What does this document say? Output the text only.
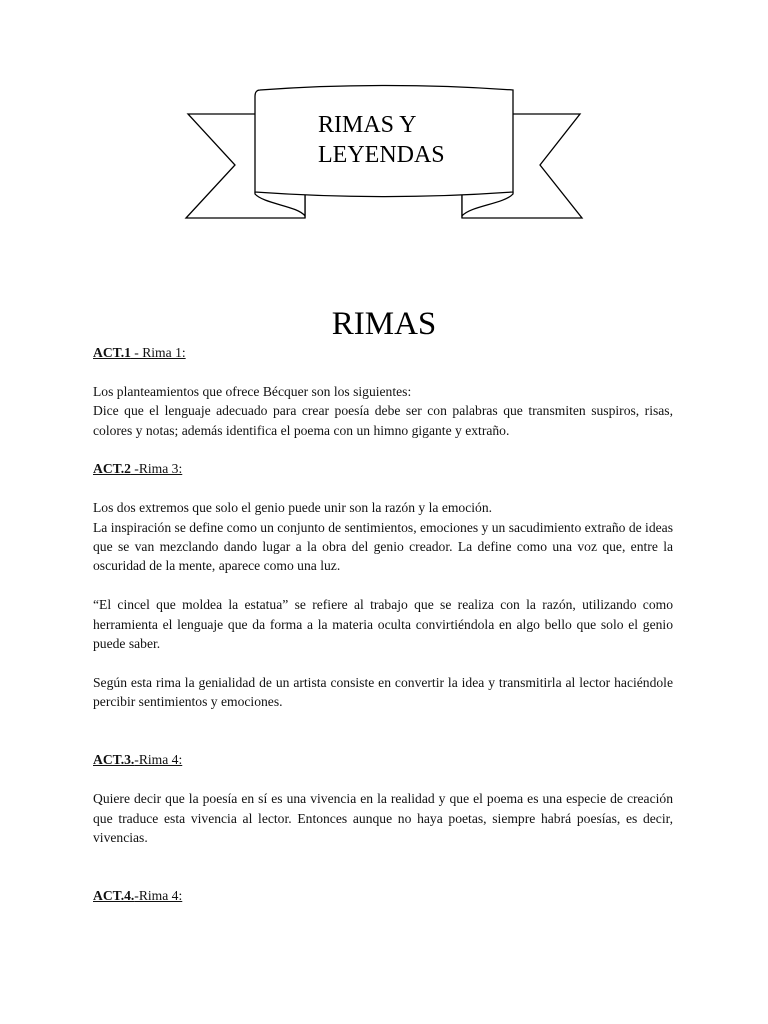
RIMAS Y
LEYENDAS
RIMAS

ACT.1 - Rima 1:

Los planteamientos que ofrece Bécquer son los siguientes:

Dice que el lenguaje adecuado para crear poesía debe ser con palabras que transmiten suspiros, risas, colores y notas; además identifica el poema con un himno gigante y extraño.

ACT.2 -Rima 3:

Los dos extremos que solo el genio puede unir son la razón y la emoción.

La inspiración se define como un conjunto de sentimientos, emociones y un sacudimiento extraño de ideas que se van mezclando dando lugar a la obra del genio creador. La define como una voz que, entre la oscuridad de la mente, aparece como una luz.

“El cincel que moldea la estatua” se refiere al trabajo que se realiza con la razón, utilizando como herramienta el lenguaje que da forma a la materia oculta convirtiéndola en algo bello que solo el genio puede saber.

Según esta rima la genialidad de un artista consiste en convertir la idea y transmitirla al lector haciéndole percibir sentimientos y emociones.

ACT.3.-Rima 4:

Quiere decir que la poesía en sí es una vivencia en la realidad y que el poema es una especie de creación que traduce esta vivencia al lector. Entonces aunque no haya poetas, siempre habrá poesías, es decir, vivencias.

ACT.4.-Rima 4:
